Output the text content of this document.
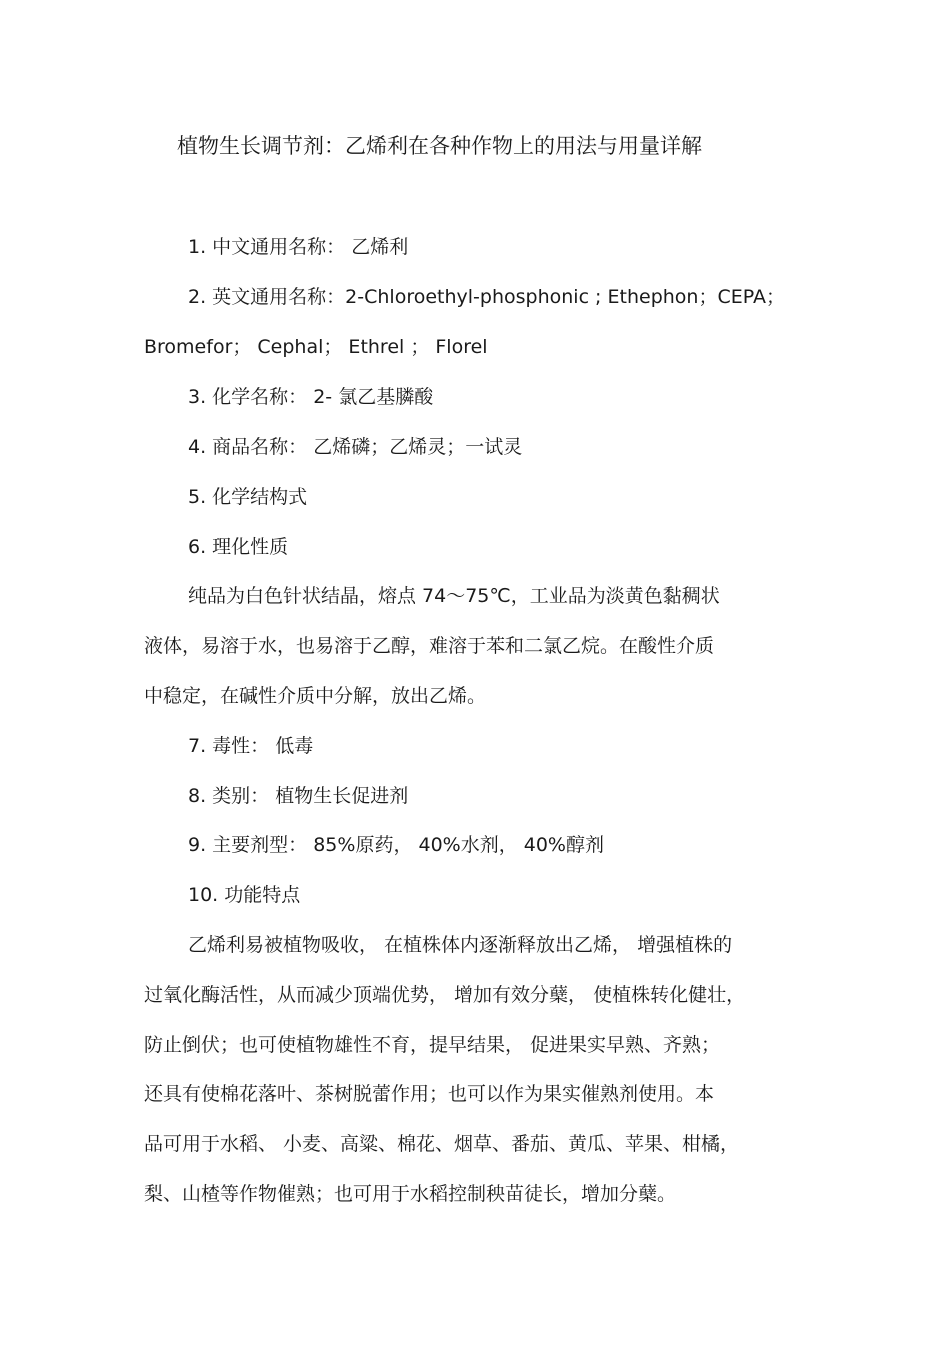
植物生长调节剂：乙烯利在各种作物上的用法与用量详解
1. 中文通用名称： 乙烯利
2. 英文通用名称：2-Chloroethyl-phosphonic ; Ethephon；CEPA；
Bromefor； Cephal； Ethrel ； Florel
3. 化学名称： 2- 氯乙基膦酸
4. 商品名称： 乙烯磷；乙烯灵；一试灵
5. 化学结构式
6. 理化性质
纯品为白色针状结晶，熔点 74～75℃，工业品为淡黄色黏稠状
液体，易溶于水，也易溶于乙醇，难溶于苯和二氯乙烷。在酸性介质
中稳定，在碱性介质中分解，放出乙烯。
7. 毒性： 低毒
8. 类别： 植物生长促进剂
9. 主要剂型： 85%原药， 40%水剂， 40%醇剂
10. 功能特点
乙烯利易被植物吸收， 在植株体内逐渐释放出乙烯， 增强植株的
过氧化酶活性，从而减少顶端优势， 增加有效分蘖， 使植株转化健壮，
防止倒伏；也可使植物雄性不育，提早结果， 促进果实早熟、齐熟；
还具有使棉花落叶、茶树脱蕾作用；也可以作为果实催熟剂使用。本
品可用于水稻、 小麦、高粱、棉花、烟草、番茄、黄瓜、苹果、柑橘，
梨、山楂等作物催熟；也可用于水稻控制秧苗徒长，增加分蘖。
